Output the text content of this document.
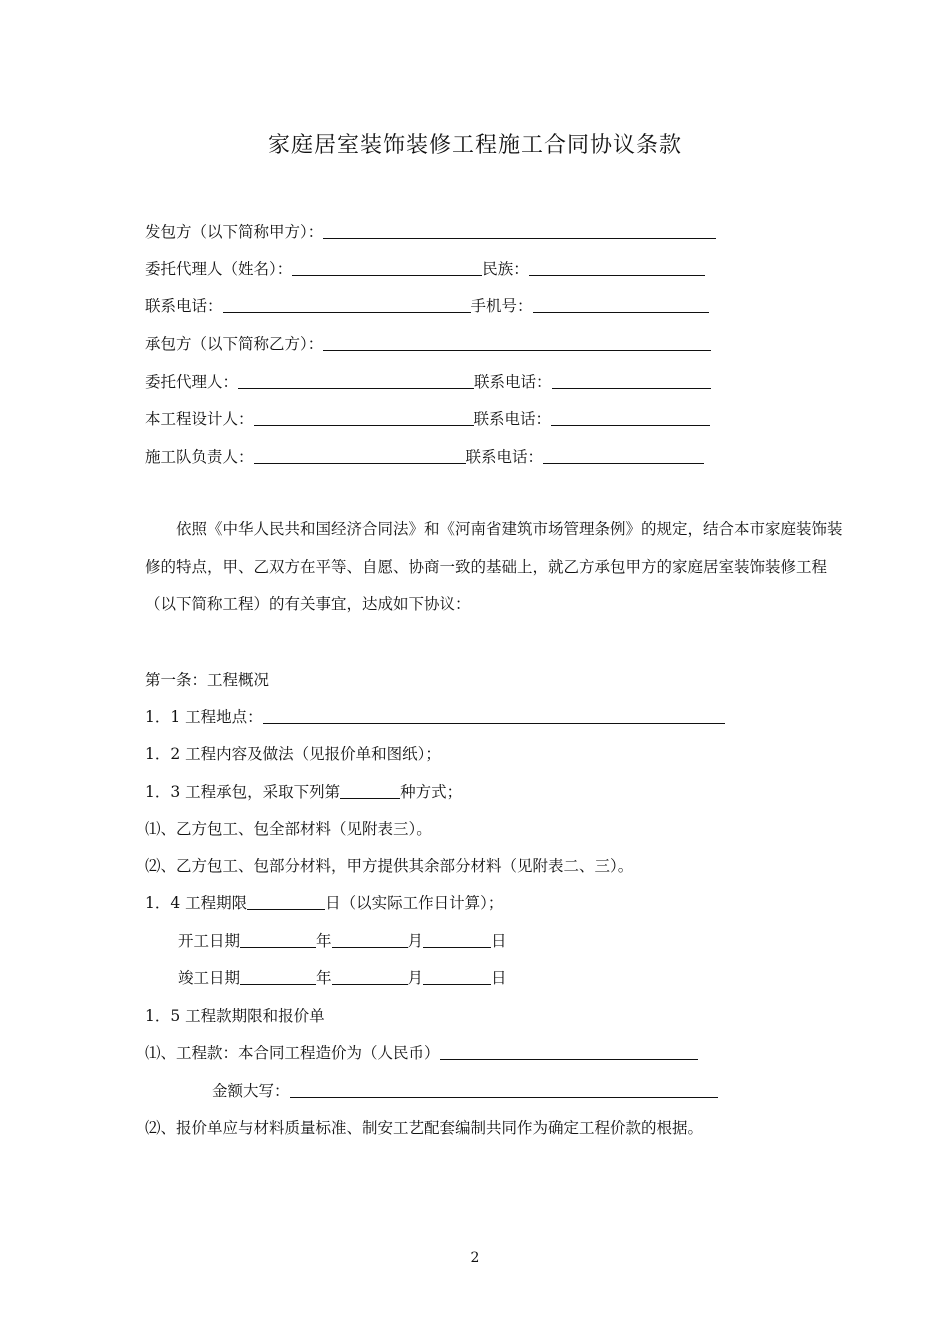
家庭居室装饰装修工程施工合同协议条款
发包方（以下简称甲方）：
委托代理人（姓名）：	民族：
联系电话：	手机号：
承包方（以下简称乙方）：
委托代理人：	联系电话：
本工程设计人：	联系电话：
施工队负责人：	联系电话：
依照《中华人民共和国经济合同法》和《河南省建筑市场管理条例》的规定，结合本市家庭装饰装修的特点，甲、乙双方在平等、自愿、协商一致的基础上，就乙方承包甲方的家庭居室装饰装修工程（以下简称工程）的有关事宜，达成如下协议：
第一条：工程概况
1．1 工程地点：
1．2 工程内容及做法（见报价单和图纸）；
1．3 工程承包，采取下列第	种方式；
⑴、乙方包工、包全部材料（见附表三）。
⑵、乙方包工、包部分材料，甲方提供其余部分材料（见附表二、三）。
1．4 工程期限	日（以实际工作日计算）；
开工日期	年	月	日
竣工日期	年	月	日
1．5 工程款期限和报价单
⑴、工程款：本合同工程造价为（人民币）
金额大写：
⑵、报价单应与材料质量标准、制安工艺配套编制共同作为确定工程价款的根据。
2
